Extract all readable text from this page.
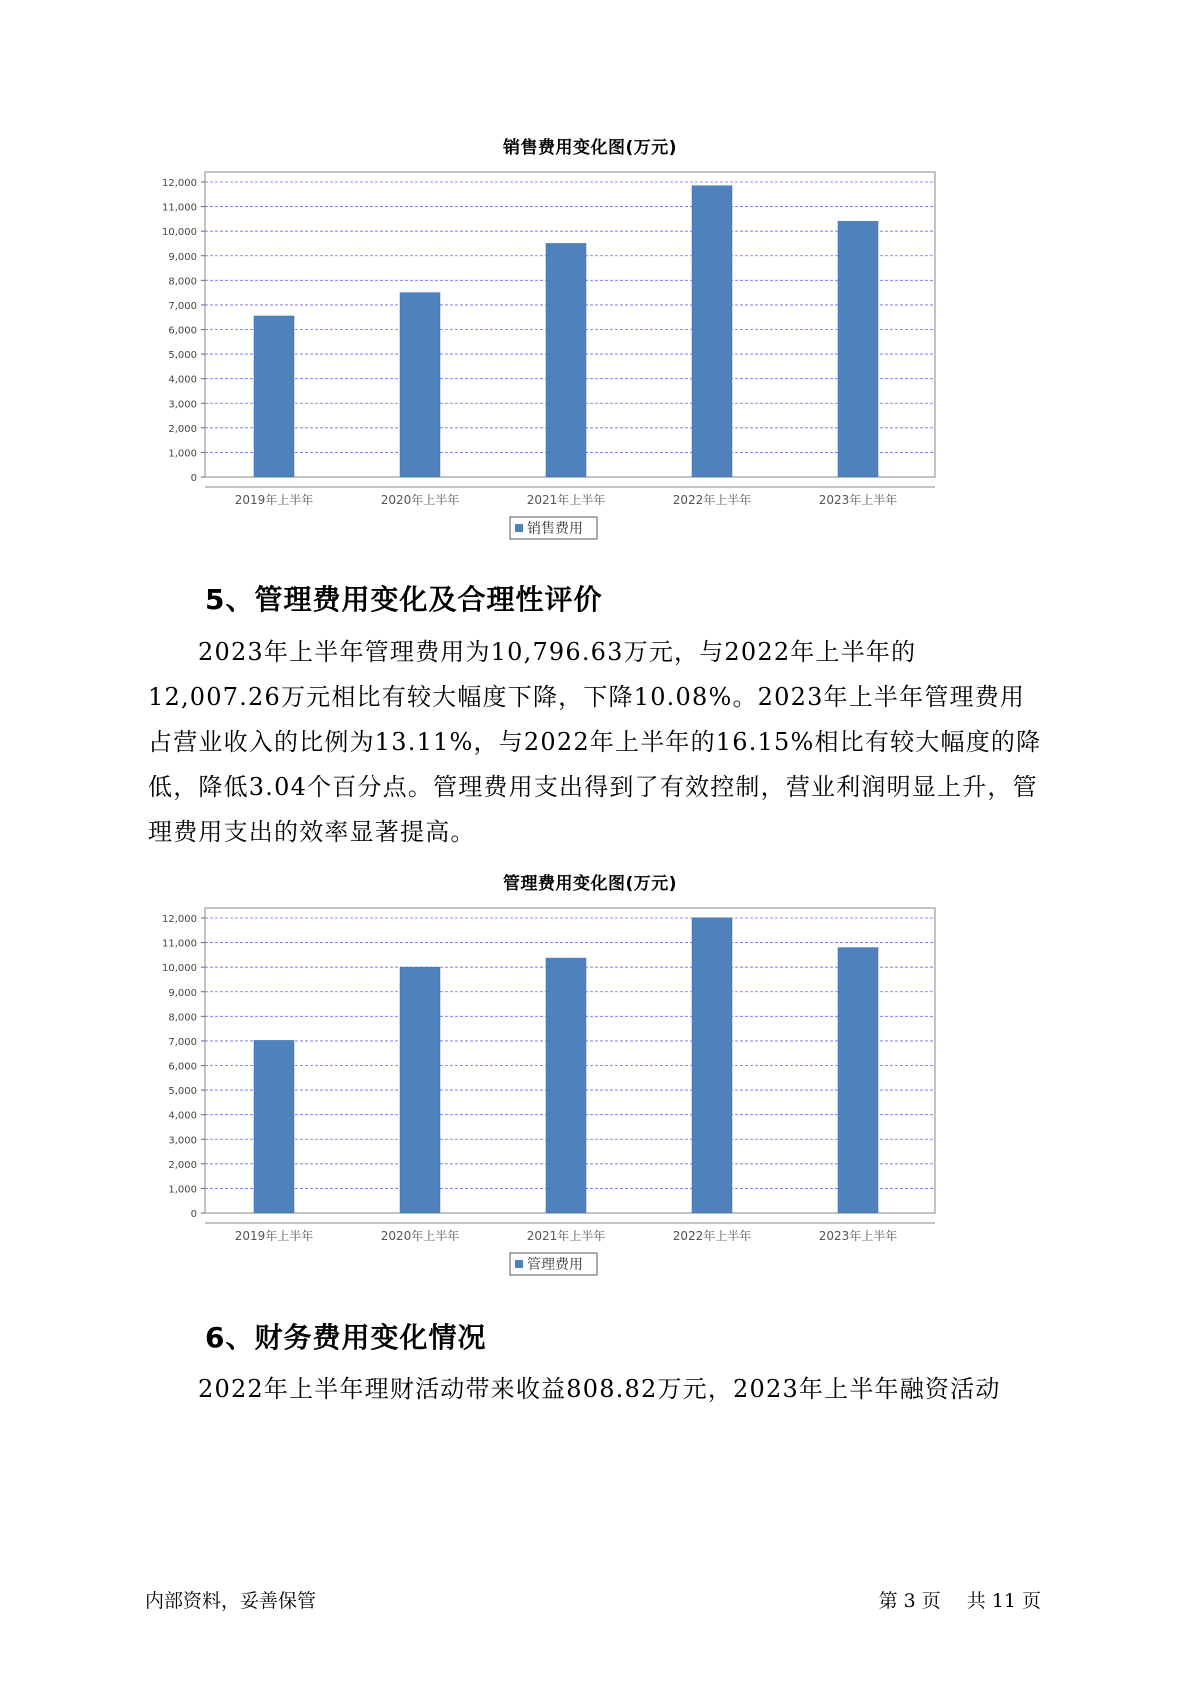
销售费用变化图(万元)
0
1,000
2,000
3,000
4,000
5,000
6,000
7,000
8,000
9,000
10,000
11,000
12,000
2019年上半年	2020年上半年	2021年上半年	2022年上半年	2023年上半年
销售费用
5、管理费用变化及合理性评价
2023年上半年管理费用为10,796.63万元，与2022年上半年的12,007.26万元相比有较大幅度下降，下降10.08%。2023年上半年管理费用占营业收入的比例为13.11%，与2022年上半年的16.15%相比有较大幅度的降低，降低3.04个百分点。管理费用支出得到了有效控制，营业利润明显上升，管理费用支出的效率显著提高。
管理费用变化图(万元)
0
1,000
2,000
3,000
4,000
5,000
6,000
7,000
8,000
9,000
10,000
11,000
12,000
2019年上半年	2020年上半年	2021年上半年	2022年上半年	2023年上半年
管理费用
6、财务费用变化情况
2022年上半年理财活动带来收益808.82万元，2023年上半年融资活动
内部资料，妥善保管	第 3 页 共 11 页
